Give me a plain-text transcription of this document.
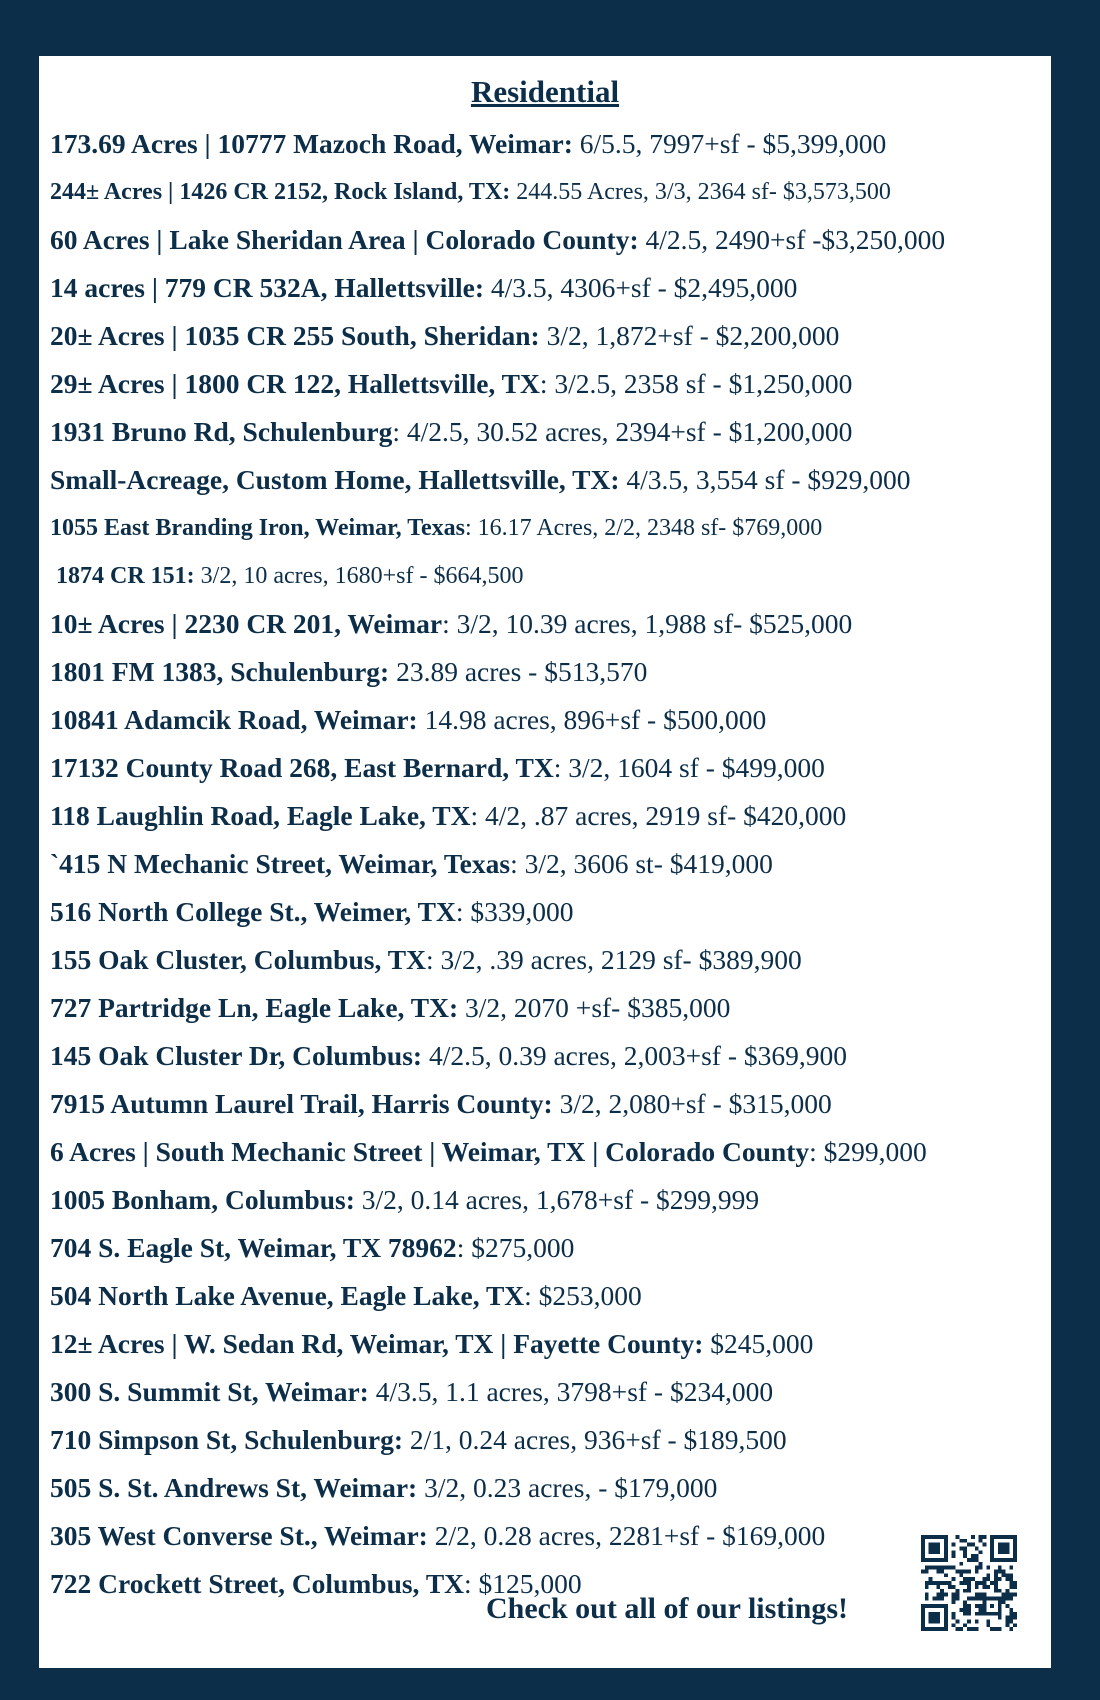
Residential
173.69 Acres | 10777 Mazoch Road, Weimar: 6/5.5, 7997+sf - $5,399,000
244± Acres | 1426 CR 2152, Rock Island, TX: 244.55 Acres, 3/3, 2364 sf- $3,573,500
60 Acres | Lake Sheridan Area | Colorado County: 4/2.5, 2490+sf -$3,250,000
14 acres | 779 CR 532A, Hallettsville: 4/3.5, 4306+sf - $2,495,000
20± Acres | 1035 CR 255 South, Sheridan: 3/2, 1,872+sf - $2,200,000
29± Acres | 1800 CR 122, Hallettsville, TX: 3/2.5, 2358 sf - $1,250,000
1931 Bruno Rd, Schulenburg: 4/2.5, 30.52 acres, 2394+sf - $1,200,000
Small-Acreage, Custom Home, Hallettsville, TX: 4/3.5, 3,554 sf - $929,000
1055 East Branding Iron, Weimar, Texas: 16.17 Acres, 2/2, 2348 sf- $769,000
1874 CR 151: 3/2, 10 acres, 1680+sf - $664,500
10± Acres | 2230 CR 201, Weimar: 3/2, 10.39 acres, 1,988 sf- $525,000
1801 FM 1383, Schulenburg: 23.89 acres - $513,570
10841 Adamcik Road, Weimar: 14.98 acres, 896+sf - $500,000
17132 County Road 268, East Bernard, TX: 3/2, 1604 sf - $499,000
118 Laughlin Road, Eagle Lake, TX: 4/2, .87 acres, 2919 sf- $420,000
`415 N Mechanic Street, Weimar, Texas: 3/2, 3606 st- $419,000
516 North College St., Weimer, TX: $339,000
155 Oak Cluster, Columbus, TX: 3/2, .39 acres, 2129 sf- $389,900
727 Partridge Ln, Eagle Lake, TX: 3/2, 2070 +sf- $385,000
145 Oak Cluster Dr, Columbus: 4/2.5, 0.39 acres, 2,003+sf - $369,900
7915 Autumn Laurel Trail, Harris County: 3/2, 2,080+sf - $315,000
6 Acres | South Mechanic Street | Weimar, TX | Colorado County: $299,000
1005 Bonham, Columbus: 3/2, 0.14 acres, 1,678+sf - $299,999
704 S. Eagle St, Weimar, TX 78962: $275,000
504 North Lake Avenue, Eagle Lake, TX: $253,000
12± Acres | W. Sedan Rd, Weimar, TX | Fayette County: $245,000
300 S. Summit St, Weimar: 4/3.5, 1.1 acres, 3798+sf - $234,000
710 Simpson St, Schulenburg: 2/1, 0.24 acres, 936+sf - $189,500
505 S. St. Andrews St, Weimar: 3/2, 0.23 acres, - $179,000
305 West Converse St., Weimar: 2/2, 0.28 acres, 2281+sf - $169,000
722 Crockett Street, Columbus, TX: $125,000
Check out all of our listings!
